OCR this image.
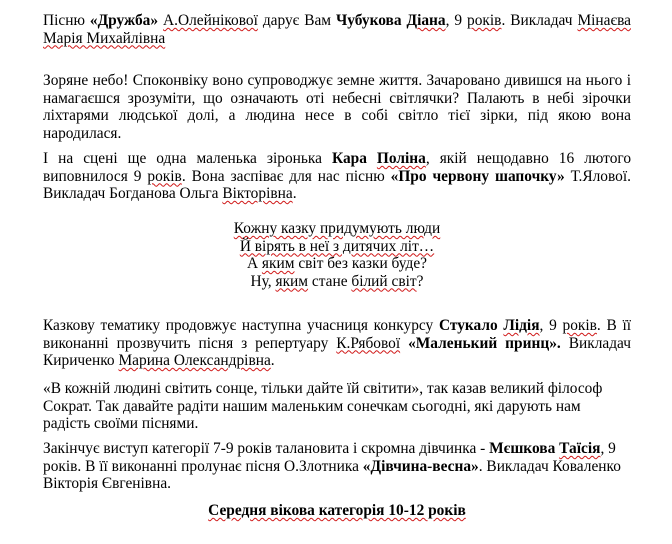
Пісню «Дружба» А.Олейнікової дарує Вам Чубукова Діана, 9 років. Викладач Мінаєва Марія Михайлівна

Зоряне небо! Споконвіку воно супроводжує земне життя. Зачаровано дивишся на нього і намагаєшся зрозуміти, що означають оті небесні світлячки? Палають в небі зірочки ліхтарями людської долі, а людина несе в собі світло тієї зірки, під якою вона народилася.

І на сцені ще одна маленька зіронька Кара Поліна, якій нещодавно 16 лютого виповнилося 9 років. Вона заспіває для нас пісню «Про червону шапочку» Т.Ялової. Викладач Богданова Ольга Вікторівна.

Кожну казку придумують люди
Й вірять в неї з дитячих літ…
А яким світ без казки буде?
Ну, яким стане білий світ?

Казкову тематику продовжує наступна учасниця конкурсу Стукало Лідія, 9 років. В її виконанні прозвучить пісня з репертуару К.Рябової «Маленький принц». Викладач Кириченко Марина Олександрівна.

«В кожній людині світить сонце, тільки дайте їй світити», так казав великий філософ Сократ. Так давайте радіти нашим маленьким сонечкам сьогодні, які дарують нам радість своїми піснями.

Закінчує виступ категорії 7-9 років талановита і скромна дівчинка - Мєшкова Таїсія, 9 років. В її виконанні пролунає пісня О.Злотника «Дівчина-весна». Викладач Коваленко Вікторія Євгенівна.

Середня вікова категорія 10-12 років
